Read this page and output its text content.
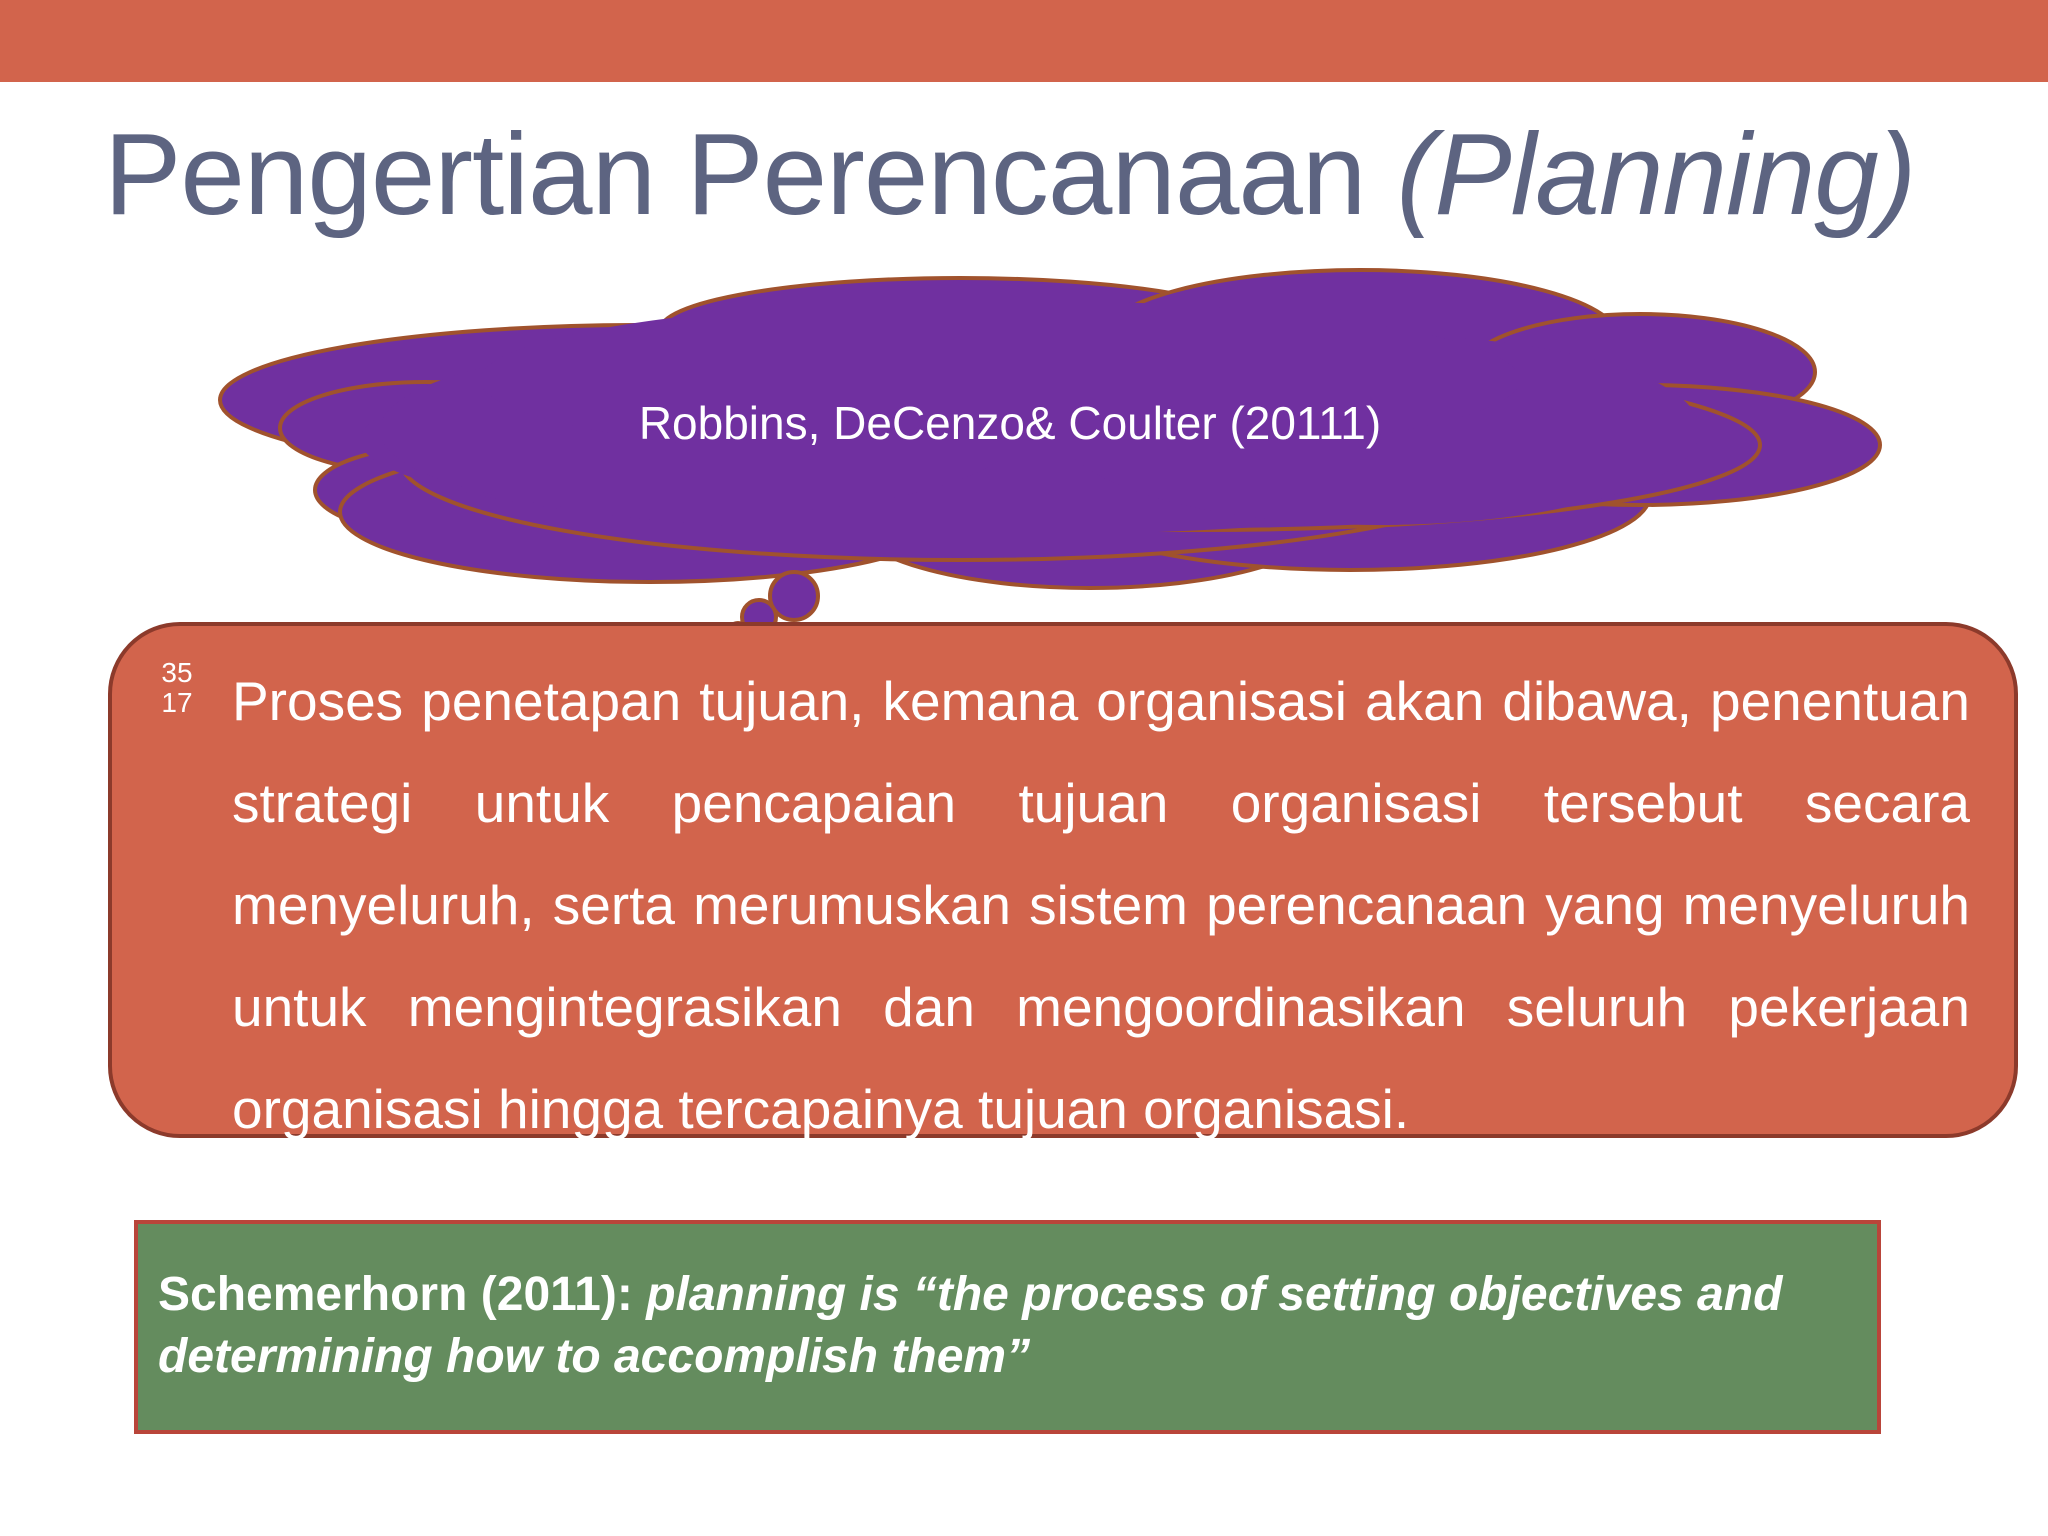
Pengertian Perencanaan (Planning)
Robbins, DeCenzo& Coulter (20111)
35
17 Proses penetapan tujuan, kemana organisasi akan dibawa, penentuan strategi untuk pencapaian tujuan organisasi tersebut secara menyeluruh, serta merumuskan sistem perencanaan yang menyeluruh untuk mengintegrasikan dan mengoordinasikan seluruh pekerjaan organisasi hingga tercapainya tujuan organisasi.

Schemerhorn (2011): planning is “the process of setting objectives and determining how to accomplish them”
